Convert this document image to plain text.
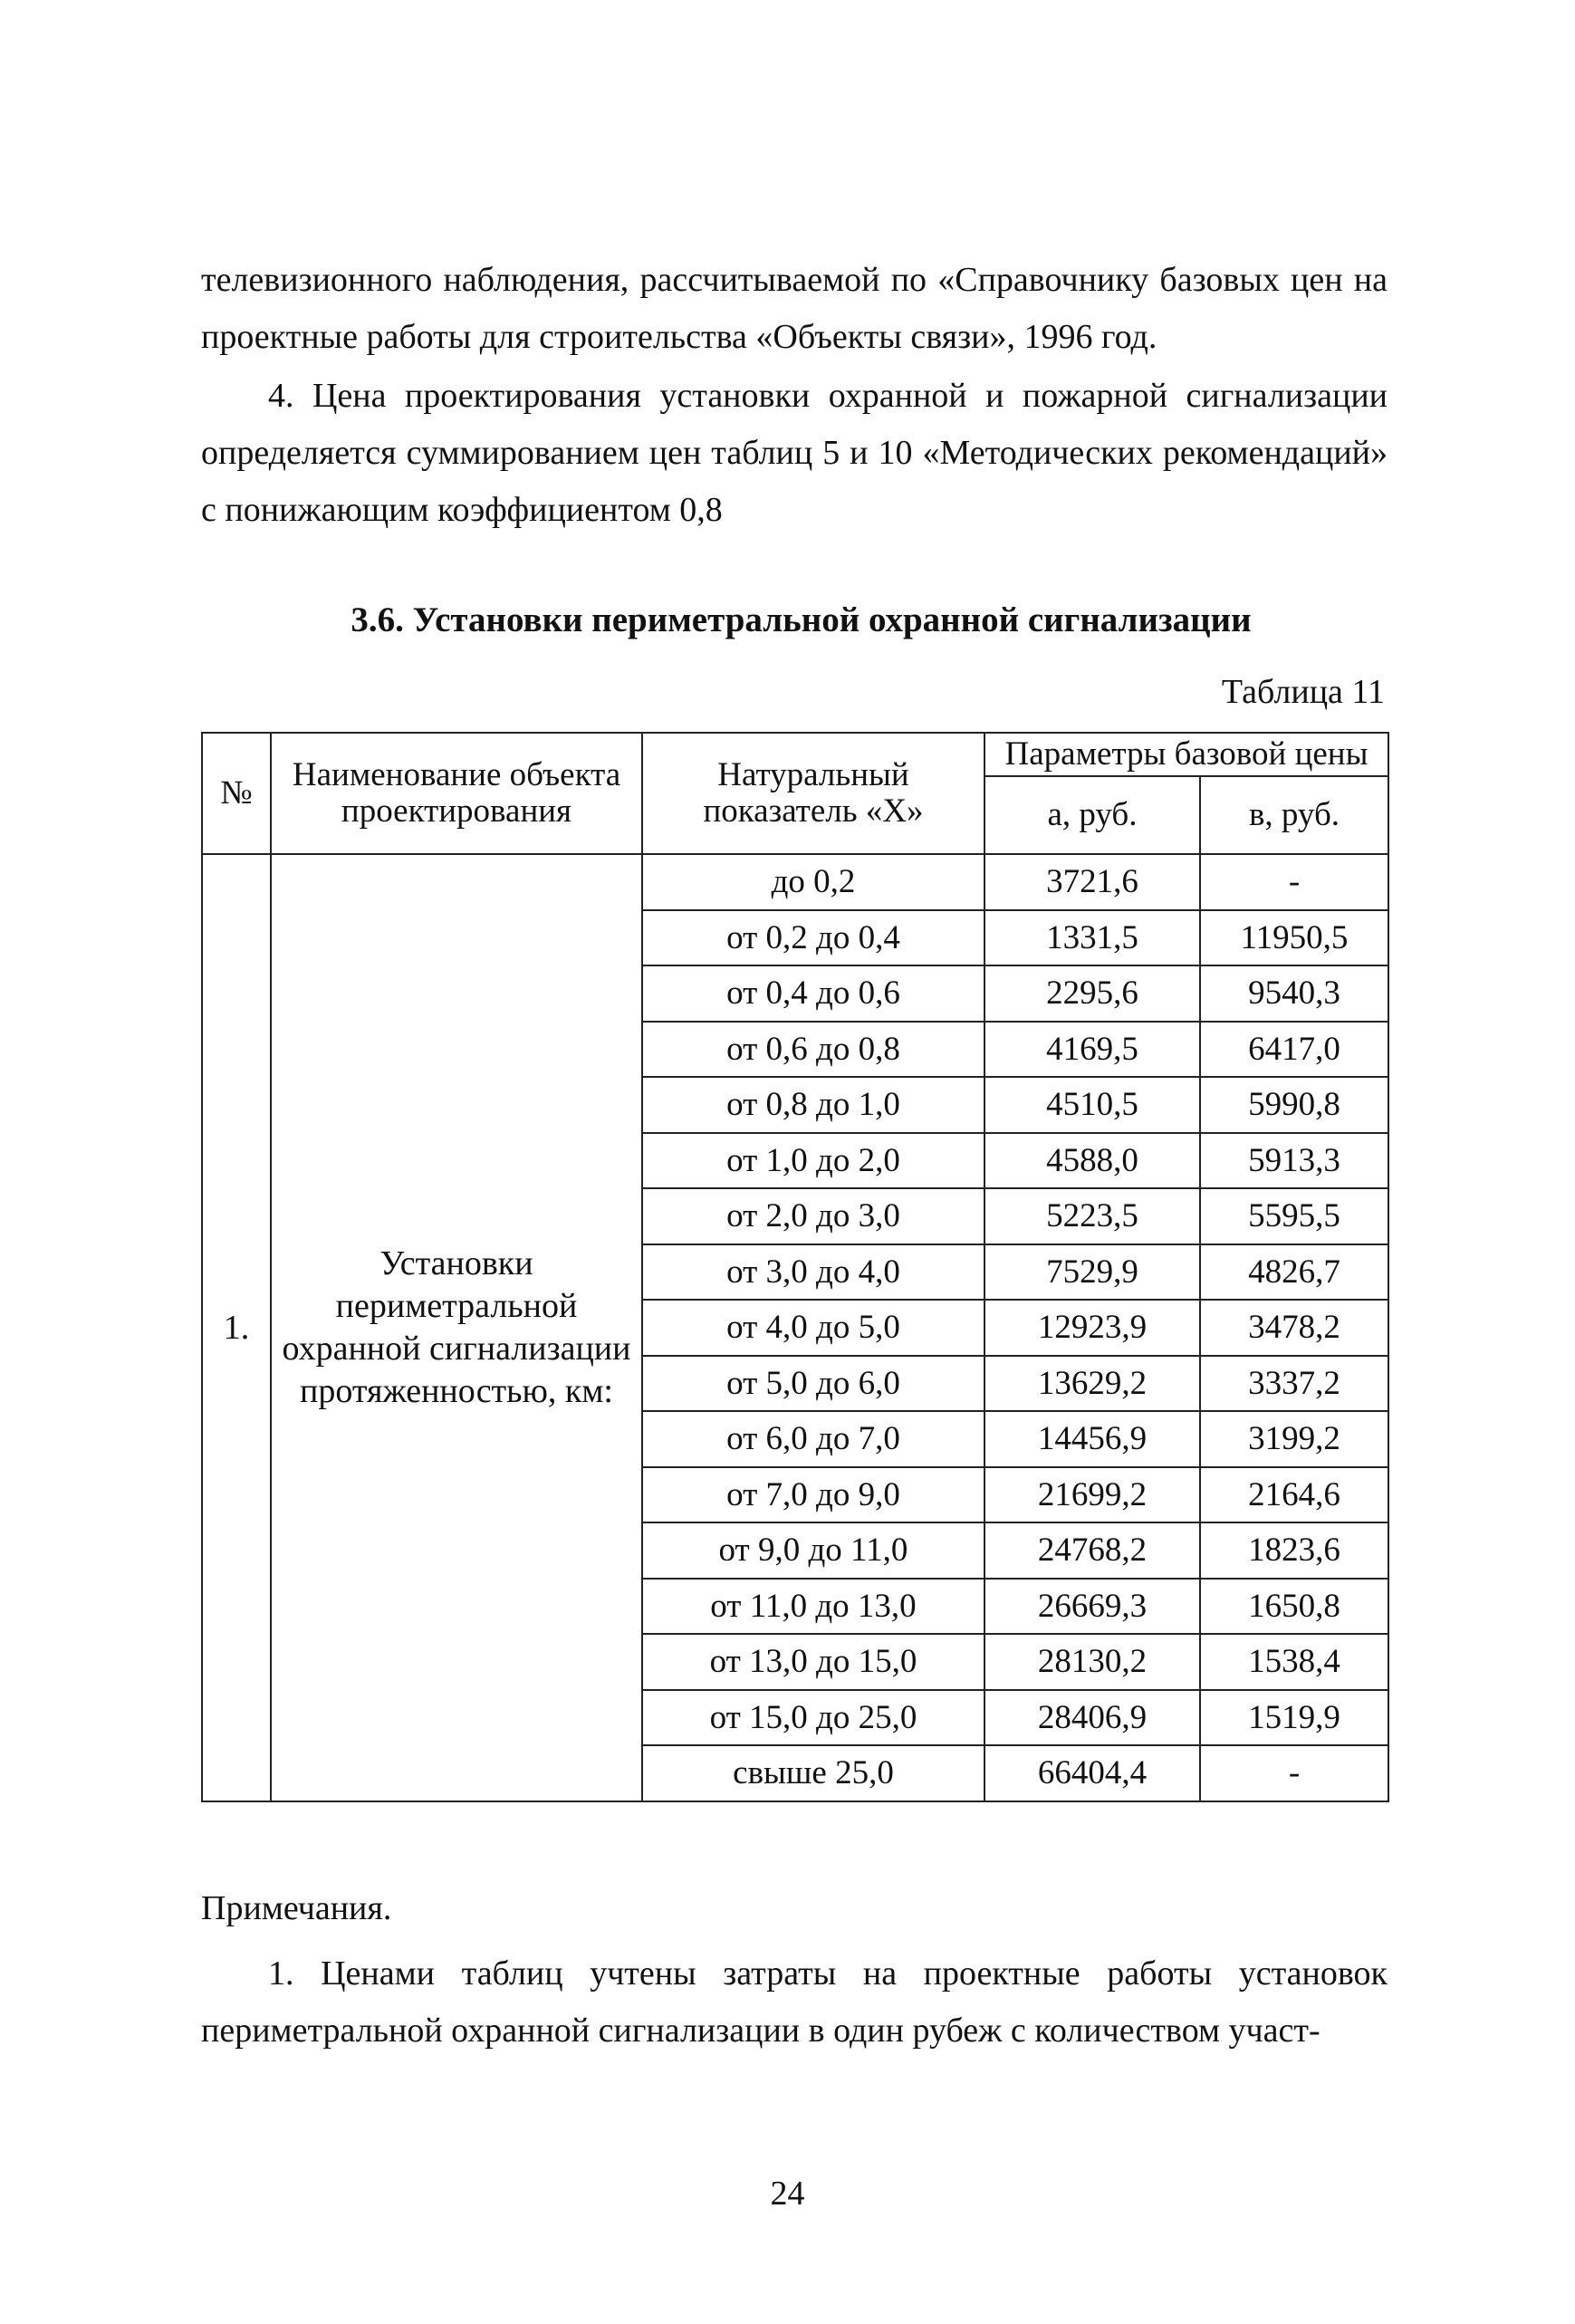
телевизионного наблюдения, рассчитываемой по «Справочнику базовых цен на проектные работы для строительства «Объекты связи», 1996 год.
4. Цена проектирования установки охранной и пожарной сигнализации определяется суммированием цен таблиц 5 и 10 «Методических рекомендаций» с понижающим коэффициентом 0,8
3.6. Установки периметральной охранной сигнализации
Таблица 11
№	Наименование объекта проектирования	Натуральный показатель «X»	Параметры базовой цены	
			а, руб.	в, руб.
1.	Установки периметральной охранной сигнализации протяженностью, км:	до 0,2	3721,6	-
		от 0,2 до 0,4	1331,5	11950,5
		от 0,4 до 0,6	2295,6	9540,3
		от 0,6 до 0,8	4169,5	6417,0
		от 0,8 до 1,0	4510,5	5990,8
		от 1,0 до 2,0	4588,0	5913,3
		от 2,0 до 3,0	5223,5	5595,5
		от 3,0 до 4,0	7529,9	4826,7
		от 4,0 до 5,0	12923,9	3478,2
		от 5,0 до 6,0	13629,2	3337,2
		от 6,0 до 7,0	14456,9	3199,2
		от 7,0 до 9,0	21699,2	2164,6
		от 9,0 до 11,0	24768,2	1823,6
		от 11,0 до 13,0	26669,3	1650,8
		от 13,0 до 15,0	28130,2	1538,4
		от 15,0 до 25,0	28406,9	1519,9
		свыше 25,0	66404,4	-
Примечания.
1. Ценами таблиц учтены затраты на проектные работы установок периметральной охранной сигнализации в один рубеж с количеством участ-
24
